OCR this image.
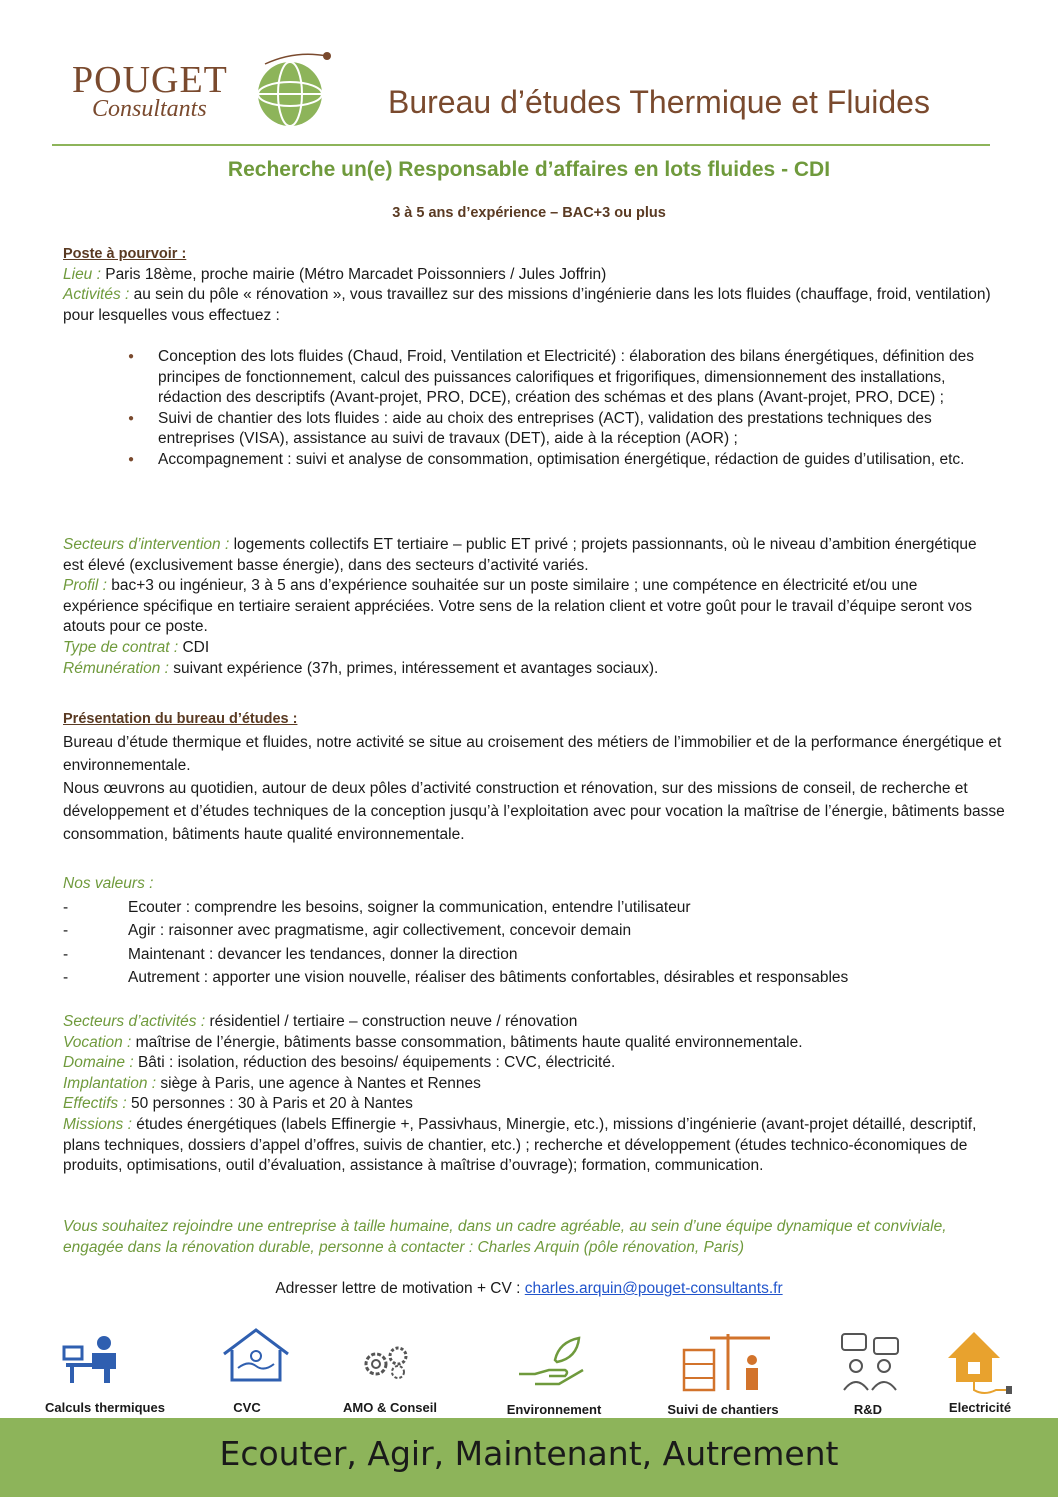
POUGET
Consultants	Bureau d’études Thermique et Fluides
Recherche un(e) Responsable d’affaires en lots fluides - CDI
3 à 5 ans d’expérience – BAC+3 ou plus
Poste à pourvoir :
Lieu : Paris 18ème, proche mairie (Métro Marcadet Poissonniers / Jules Joffrin)
Activités : au sein du pôle « rénovation », vous travaillez sur des missions d’ingénierie dans les lots fluides (chauffage, froid, ventilation) pour lesquelles vous effectuez :
● Conception des lots fluides (Chaud, Froid, Ventilation et Electricité) : élaboration des bilans énergétiques, définition des principes de fonctionnement, calcul des puissances calorifiques et frigorifiques, dimensionnement des installations, rédaction des descriptifs (Avant-projet, PRO, DCE), création des schémas et des plans (Avant-projet, PRO, DCE) ;
● Suivi de chantier des lots fluides : aide au choix des entreprises (ACT), validation des prestations techniques des entreprises (VISA), assistance au suivi de travaux (DET), aide à la réception (AOR) ;
● Accompagnement : suivi et analyse de consommation, optimisation énergétique, rédaction de guides d’utilisation, etc.
Secteurs d’intervention : logements collectifs ET tertiaire – public ET privé ; projets passionnants, où le niveau d’ambition énergétique est élevé (exclusivement basse énergie), dans des secteurs d’activité variés.
Profil : bac+3 ou ingénieur, 3 à 5 ans d’expérience souhaitée sur un poste similaire ; une compétence en électricité et/ou une expérience spécifique en tertiaire seraient appréciées. Votre sens de la relation client et votre goût pour le travail d’équipe seront vos atouts pour ce poste.
Type de contrat : CDI
Rémunération : suivant expérience (37h, primes, intéressement et avantages sociaux).
Présentation du bureau d’études :
Bureau d’étude thermique et fluides, notre activité se situe au croisement des métiers de l’immobilier et de la performance énergétique et environnementale.
Nous œuvrons au quotidien, autour de deux pôles d’activité construction et rénovation, sur des missions de conseil, de recherche et développement et d’études techniques de la conception jusqu’à l’exploitation avec pour vocation la maîtrise de l’énergie, bâtiments basse consommation, bâtiments haute qualité environnementale.
Nos valeurs :
- Ecouter : comprendre les besoins, soigner la communication, entendre l’utilisateur
- Agir : raisonner avec pragmatisme, agir collectivement, concevoir demain
- Maintenant : devancer les tendances, donner la direction
- Autrement : apporter une vision nouvelle, réaliser des bâtiments confortables, désirables et responsables
Secteurs d’activités : résidentiel / tertiaire – construction neuve / rénovation
Vocation : maîtrise de l’énergie, bâtiments basse consommation, bâtiments haute qualité environnementale.
Domaine : Bâti : isolation, réduction des besoins/ équipements : CVC, électricité.
Implantation : siège à Paris, une agence à Nantes et Rennes
Effectifs : 50 personnes : 30 à Paris et 20 à Nantes
Missions : études énergétiques (labels Effinergie +, Passivhaus, Minergie, etc.), missions d’ingénierie (avant-projet détaillé, descriptif, plans techniques, dossiers d’appel d’offres, suivis de chantier, etc.) ; recherche et développement (études technico-économiques de produits, optimisations, outil d’évaluation, assistance à maîtrise d’ouvrage); formation, communication.
Vous souhaitez rejoindre une entreprise à taille humaine, dans un cadre agréable, au sein d’une équipe dynamique et conviviale, engagée dans la rénovation durable, personne à contacter : Charles Arquin (pôle rénovation, Paris)
Adresser lettre de motivation + CV : charles.arquin@pouget-consultants.fr
Calculs thermiques	CVC	AMO & Conseil	Environnement	Suivi de chantiers	R&D	Electricité
Ecouter, Agir, Maintenant, Autrement
